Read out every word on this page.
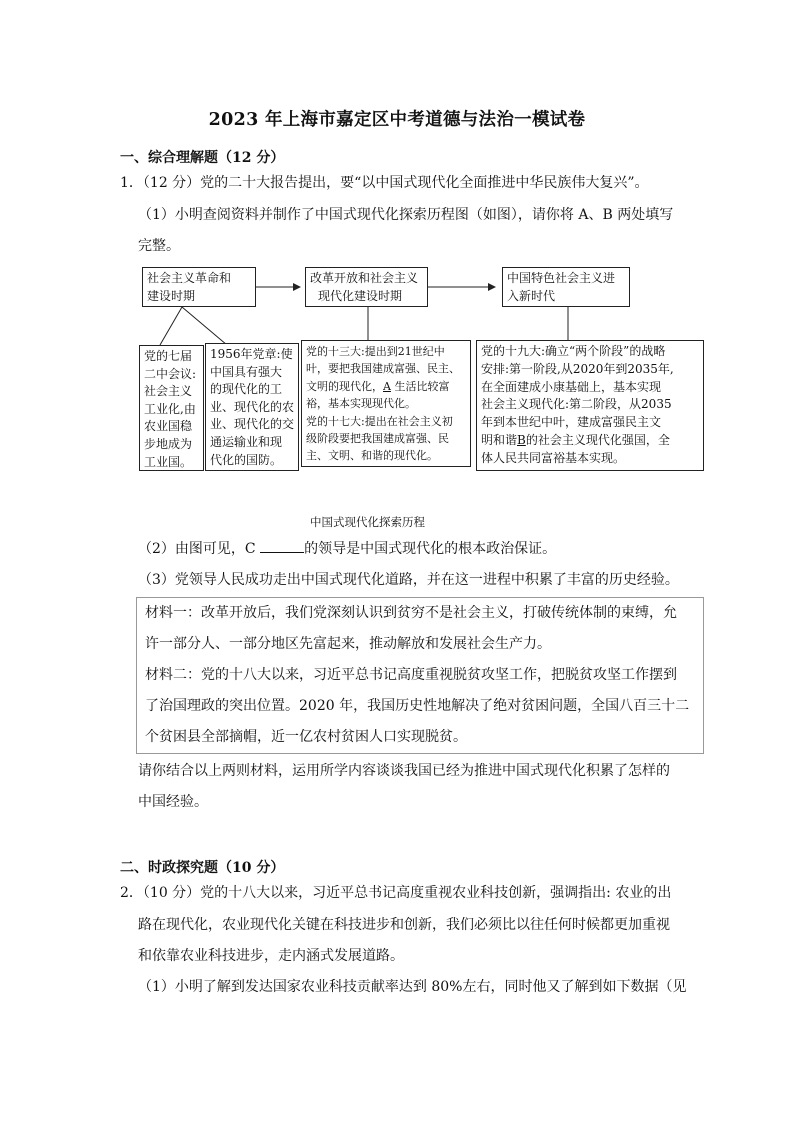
2023 年上海市嘉定区中考道德与法治一模试卷
一、综合理解题（12 分）
1．（12 分）党的二十大报告提出，要“以中国式现代化全面推进中华民族伟大复兴”。
（1）小明查阅资料并制作了中国式现代化探索历程图（如图），请你将 A、B 两处填写
完整。
社会主义革命和
建设时期
改革开放和社会主义
现代化建设时期
中国特色社会主义进
入新时代
党的七届
二中会议:
社会主义
工业化,由
农业国稳
步地成为
工业国。
1956年党章:使
中国具有强大
的现代化的工
业、现代化的农
业、现代化的交
通运输业和现
代化的国防。
党的十三大:提出到21世纪中
叶，要把我国建成富强、民主、
文明的现代化，A 生活比较富
裕，基本实现现代化。
党的十七大:提出在社会主义初
级阶段要把我国建成富强、民
主、文明、和谐的现代化。
党的十九大:确立“两个阶段”的战略
安排:第一阶段,从2020年到2035年,
在全面建成小康基础上，基本实现
社会主义现代化:第二阶段，从2035
年到本世纪中叶，建成富强民主文
明和谐B的社会主义现代化强国，全
体人民共同富裕基本实现。
中国式现代化探索历程
（2）由图可见，C	的领导是中国式现代化的根本政治保证。
（3）党领导人民成功走出中国式现代化道路，并在这一进程中积累了丰富的历史经验。
材料一：改革开放后，我们党深刻认识到贫穷不是社会主义，打破传统体制的束缚，允
许一部分人、一部分地区先富起来，推动解放和发展社会生产力。
材料二：党的十八大以来，习近平总书记高度重视脱贫攻坚工作，把脱贫攻坚工作摆到
了治国理政的突出位置。2020 年，我国历史性地解决了绝对贫困问题，全国八百三十二
个贫困县全部摘帽，近一亿农村贫困人口实现脱贫。
请你结合以上两则材料，运用所学内容谈谈我国已经为推进中国式现代化积累了怎样的
中国经验。
二、时政探究题（10 分）
2．（10 分）党的十八大以来，习近平总书记高度重视农业科技创新，强调指出: 农业的出
路在现代化，农业现代化关键在科技进步和创新，我们必须比以往任何时候都更加重视
和依靠农业科技进步，走内涵式发展道路。
（1）小明了解到发达国家农业科技贡献率达到 80%左右，同时他又了解到如下数据（见
